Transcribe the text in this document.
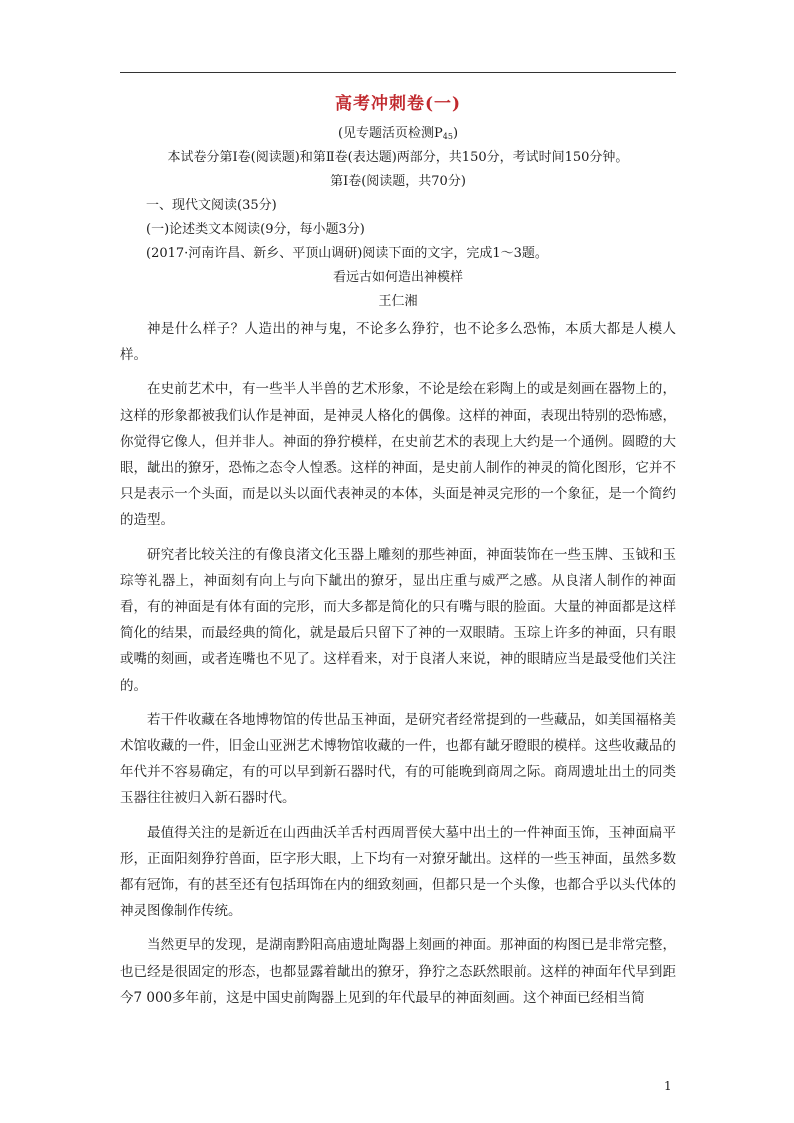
高考冲刺卷(一)

(见专题活页检测$P_{45}$)

本试卷分第Ⅰ卷(阅读题)和第Ⅱ卷(表达题)两部分，共150分，考试时间150分钟。

第Ⅰ卷(阅读题，共70分)

一、现代文阅读(35分)

(一)论述类文本阅读(9分，每小题3分)

(2017·河南许昌、新乡、平顶山调研)阅读下面的文字，完成1～3题。

看远古如何造出神模样

王仁湘

神是什么样子？人造出的神与鬼，不论多么狰狞，也不论多么恐怖，本质大都是人模人样。

在史前艺术中，有一些半人半兽的艺术形象，不论是绘在彩陶上的或是刻画在器物上的，这样的形象都被我们认作是神面，是神灵人格化的偶像。这样的神面，表现出特别的恐怖感，你觉得它像人，但并非人。神面的狰狞模样，在史前艺术的表现上大约是一个通例。圆瞪的大眼，龇出的獠牙，恐怖之态令人惶悉。这样的神面，是史前人制作的神灵的简化图形，它并不只是表示一个头面，而是以头以面代表神灵的本体，头面是神灵完形的一个象征，是一个简约的造型。

研究者比较关注的有像良渚文化玉器上雕刻的那些神面，神面装饰在一些玉牌、玉钺和玉琮等礼器上，神面刻有向上与向下龇出的獠牙，显出庄重与威严之感。从良渚人制作的神面看，有的神面是有体有面的完形，而大多都是简化的只有嘴与眼的脸面。大量的神面都是这样简化的结果，而最经典的简化，就是最后只留下了神的一双眼睛。玉琮上许多的神面，只有眼或嘴的刻画，或者连嘴也不见了。这样看来，对于良渚人来说，神的眼睛应当是最受他们关注的。

若干件收藏在各地博物馆的传世品玉神面，是研究者经常提到的一些藏品，如美国福格美术馆收藏的一件，旧金山亚洲艺术博物馆收藏的一件，也都有龇牙瞪眼的模样。这些收藏品的年代并不容易确定，有的可以早到新石器时代，有的可能晚到商周之际。商周遗址出土的同类玉器往往被归入新石器时代。

最值得关注的是新近在山西曲沃羊舌村西周晋侯大墓中出土的一件神面玉饰，玉神面扁平形，正面阳刻狰狞兽面，臣字形大眼，上下均有一对獠牙龇出。这样的一些玉神面，虽然多数都有冠饰，有的甚至还有包括珥饰在内的细致刻画，但都只是一个头像，也都合乎以头代体的神灵图像制作传统。

当然更早的发现，是湖南黔阳高庙遗址陶器上刻画的神面。那神面的构图已是非常完整，也已经是很固定的形态，也都显露着龇出的獠牙，狰狞之态跃然眼前。这样的神面年代早到距今7 000多年前，这是中国史前陶器上见到的年代最早的神面刻画。这个神面已经相当简

1
